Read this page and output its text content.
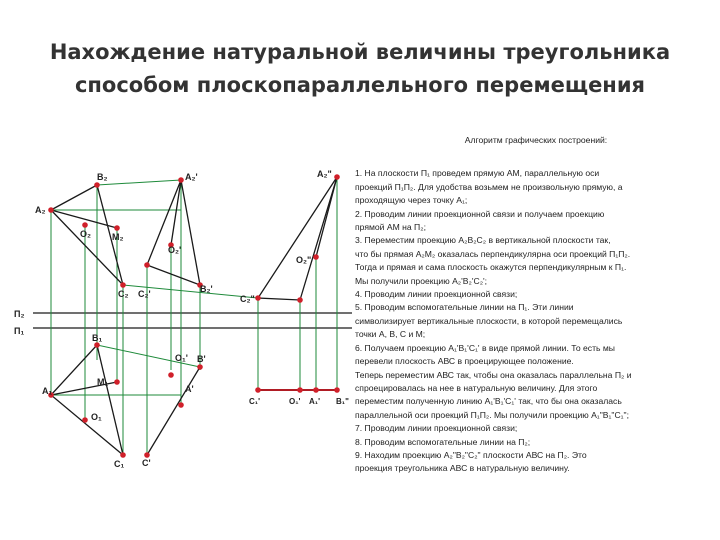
Нахождение натуральной величины треугольника
способом плоскопараллельного перемещения
П₂
П₁
А₂
В₂
С₂
О₂ М₂
В₁
А₁
М₁
О₁
С₁
А₂'
О₂'
В₂'
С₂'
А'
О₁' В'
С'
А₂"
О₂"
С₂"
С₁'	О₁' А₁' В₁"
Алгоритм графических построений:

1. На плоскости П₁ проведем прямую АМ, параллельную оси

проекций П₁П₂. Для удобства возьмем не произвольную прямую, а

проходящую через точку А₁;

2. Проводим линии проекционной связи и получаем проекцию

прямой АМ на П₂;

3. Переместим проекцию А₂В₂С₂ в вертикальной плоскости так,

что бы прямая А₂М₂ оказалась перпендикулярна оси проекций П₁П₂.

Тогда и прямая и сама плоскость окажутся перпендикулярным к П₁.

Мы получили проекцию А₂'В₂'С₂';

4. Проводим линии проекционной связи;

5. Проводим вспомогательные линии на П₁. Эти линии

символизирует вертикальные плоскости, в которой перемещались

точки А, В, С и М;

6. Получаем проекцию А₁'В₁'С₁' в виде прямой линии. То есть мы

перевели плоскость АВС в проецирующее положение.

Теперь переместим АВС так, чтобы она оказалась параллельна П₂ и

спроецировалась на нее в натуральную величину. Для этого

переместим полученную линию А₁'В₁'С₁' так, что бы она оказалась

параллельной оси проекций П₁П₂. Мы получили проекцию А₁"В₁"С₁";

7. Проводим линии проекционной связи;

8. Проводим вспомогательные линии на П₂;

9. Находим проекцию А₂"В₂"С₂" плоскости АВС на П₂. Это

проекция треугольника АВС в натуральную величину.
